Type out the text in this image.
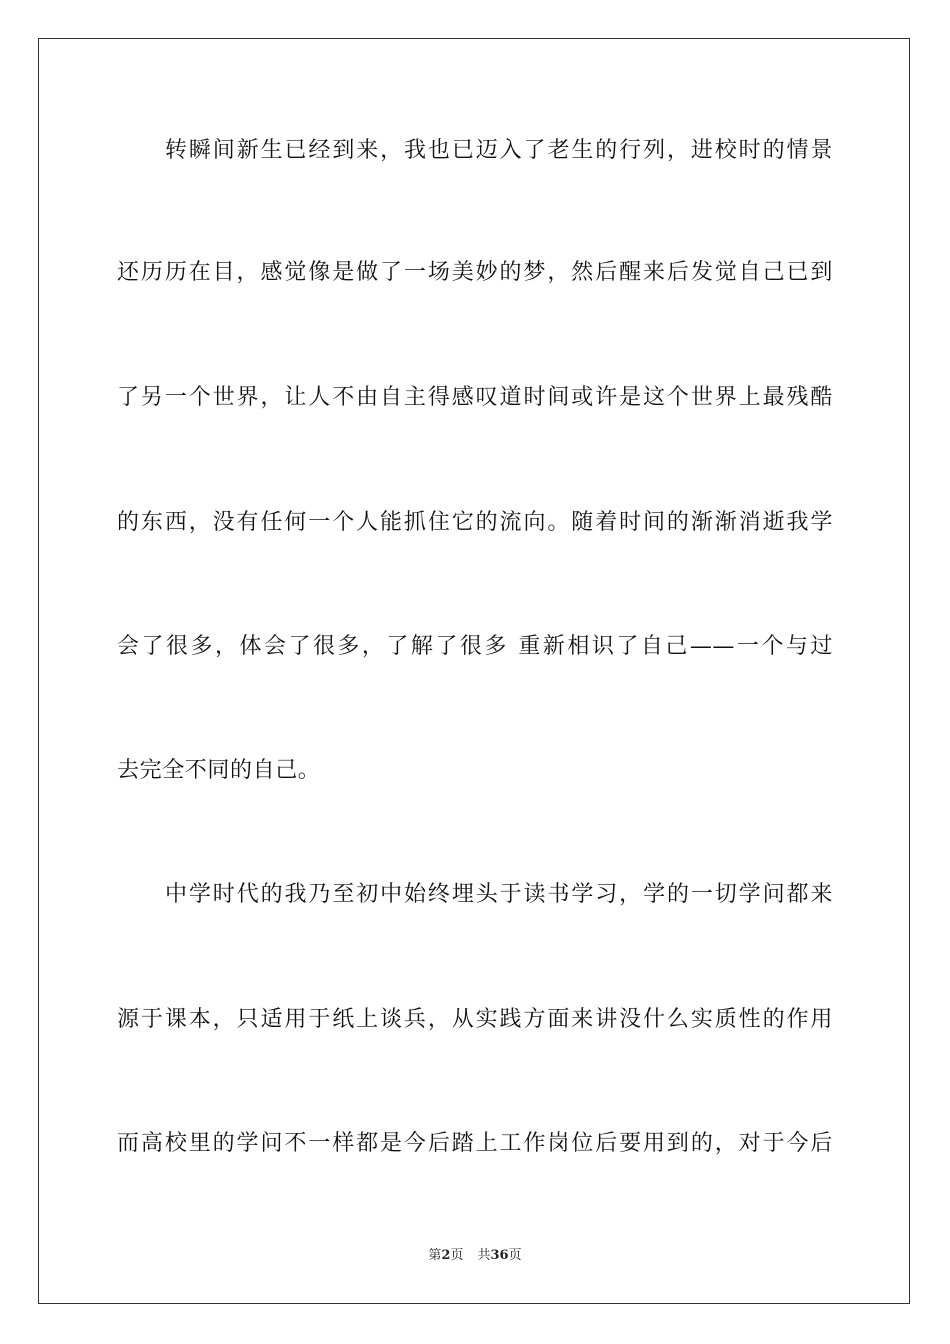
转瞬间新生已经到来，我也已迈入了老生的行列，进校时的情景
还历历在目，感觉像是做了一场美妙的梦，然后醒来后发觉自己已到
了另一个世界，让人不由自主得感叹道时间或许是这个世界上最残酷
的东西，没有任何一个人能抓住它的流向。随着时间的渐渐消逝我学
会了很多，体会了很多，了解了很多 重新相识了自己——一个与过
去完全不同的自己。
中学时代的我乃至初中始终埋头于读书学习，学的一切学问都来
源于课本，只适用于纸上谈兵，从实践方面来讲没什么实质性的作用
而高校里的学问不一样都是今后踏上工作岗位后要用到的，对于今后
第2页 共36页
